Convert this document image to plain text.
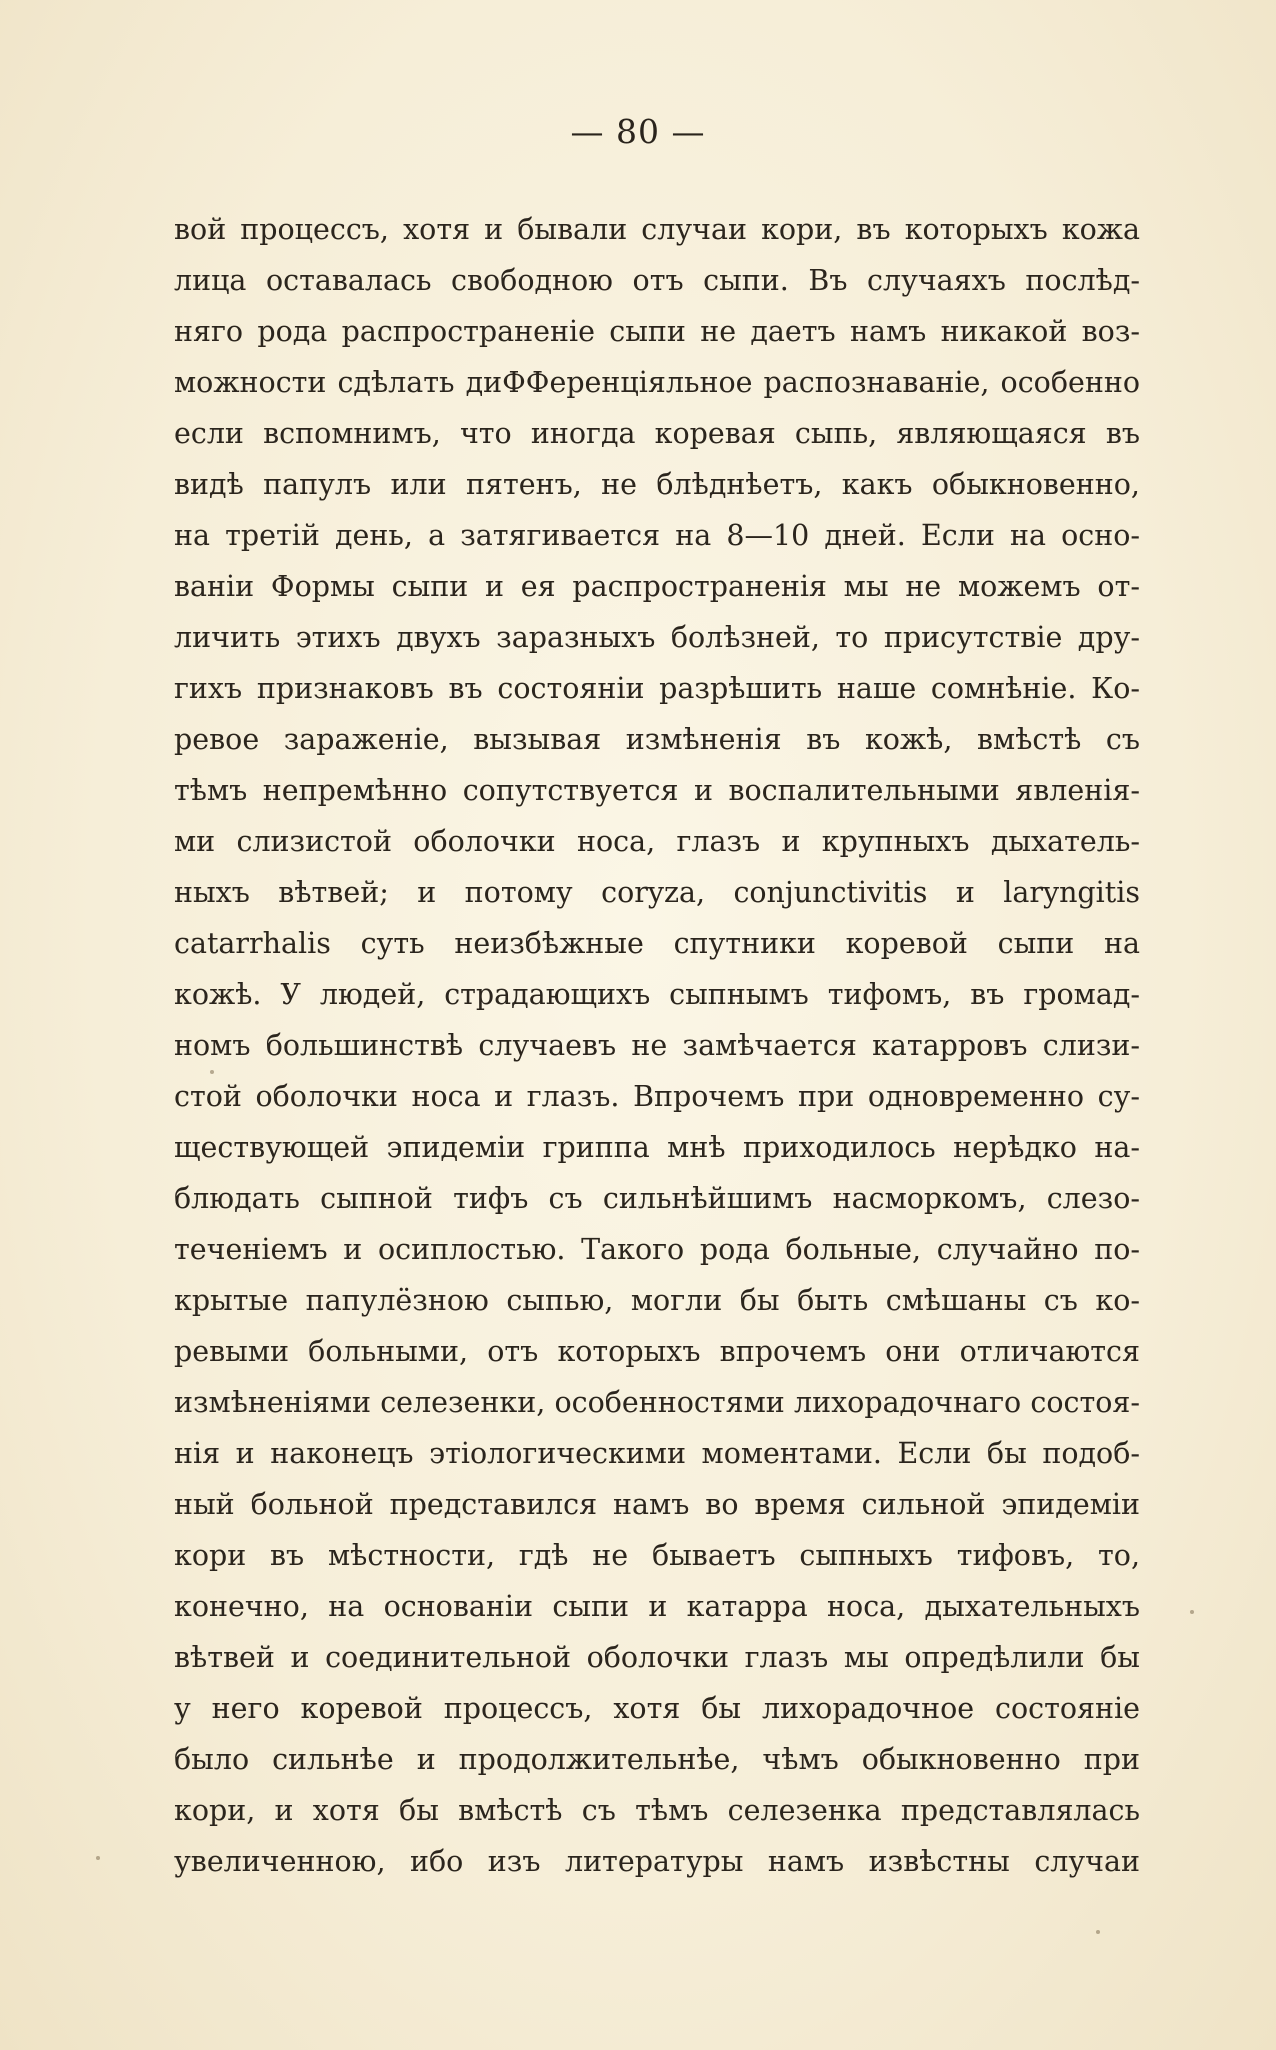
— 80 —
вой процессъ, хотя и бывали случаи кори, въ которыхъ кожа
лица оставалась свободною отъ сыпи. Въ случаяхъ послѣд-
няго рода распространеніе сыпи не даетъ намъ никакой воз-
можности сдѣлать диФФеренціяльное распознаваніе, особенно
если вспомнимъ, что иногда коревая сыпь, являющаяся въ
видѣ папулъ или пятенъ, не блѣднѣетъ, какъ обыкновенно,
на третій день, а затягивается на 8—10 дней. Если на осно-
ваніи Формы сыпи и ея распространенія мы не можемъ от-
личить этихъ двухъ заразныхъ болѣзней, то присутствіе дру-
гихъ признаковъ въ состояніи разрѣшить наше сомнѣніе. Ко-
ревое зараженіе, вызывая измѣненія въ кожѣ, вмѣстѣ съ
тѣмъ непремѣнно сопутствуется и воспалительными явленія-
ми слизистой оболочки носа, глазъ и крупныхъ дыхатель-
ныхъ вѣтвей; и потому coryza, conjunctivitis и laryngitis
catarrhalis суть неизбѣжные спутники коревой сыпи на
кожѣ. У людей, страдающихъ сыпнымъ тифомъ, въ громад-
номъ большинствѣ случаевъ не замѣчается катарровъ слизи-
стой оболочки носа и глазъ. Впрочемъ при одновременно су-
ществующей эпидеміи гриппа мнѣ приходилось нерѣдко на-
блюдать сыпной тифъ съ сильнѣйшимъ насморкомъ, слезо-
теченіемъ и осиплостью. Такого рода больные, случайно по-
крытые папулёзною сыпью, могли бы быть смѣшаны съ ко-
ревыми больными, отъ которыхъ впрочемъ они отличаются
измѣненіями селезенки, особенностями лихорадочнаго состоя-
нія и наконецъ этіологическими моментами. Если бы подоб-
ный больной представился намъ во время сильной эпидеміи
кори въ мѣстности, гдѣ не бываетъ сыпныхъ тифовъ, то,
конечно, на основаніи сыпи и катарра носа, дыхательныхъ
вѣтвей и соединительной оболочки глазъ мы опредѣлили бы
у него коревой процессъ, хотя бы лихорадочное состояніе
было сильнѣе и продолжительнѣе, чѣмъ обыкновенно при
кори, и хотя бы вмѣстѣ съ тѣмъ селезенка представлялась
увеличенною, ибо изъ литературы намъ извѣстны случаи
